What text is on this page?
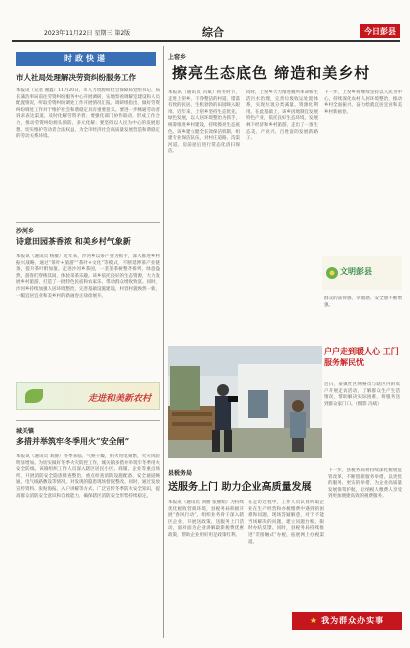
2023年11月22日 星期三 第2版	综合	今日彭县
时政快递
市人社局处理解决劳资纠纷服务工作
本报讯（记者 谢鑫）11月20日，市人力资源和社会保障局党组书记、局长蒲浩率局前往劳资纠纷服务中心开展调研，实地察看调解室建设和人员配置情况，听取劳资纠纷调处工作开展情况汇报。调研组指出，做好劳资纠纷调处工作对于维护社会和谐稳定具有重要意义。要进一步畅通劳动者诉求表达渠道，及时化解劳资矛盾；要强化部门协作联动，形成工作合力，推动劳资纠纷源头预防、多元化解；要坚持以人民为中心的发展思想，切实维护劳动者合法权益，为全市经济社会高质量发展营造和谐稳定的劳动关系环境。
沙河乡
诗意田园茶香浓 和美乡村气象新
本报讯（通讯员 杨敏）近年来，沙河乡以茶产业为抓手，深入推进乡村振兴战略，通过“茶叶+旅游”“茶叶+文化”等模式，不断延伸茶产业链条，提升茶叶附加值。走进沙河乡茶园，一垄垄茶树整齐排列，绿意盎然，游客们穿梭其间，体验采茶乐趣。该乡依托良好的生态资源，大力发展乡村旅游，打造了一批特色民宿和农家乐，带动群众增收致富。同时，沙河乡持续加强人居环境整治，完善基础设施建设，村容村貌焕然一新，一幅宜居宜业和美乡村的新画卷正徐徐展开。
走进和美新农村
城关镇
多措并举筑牢冬季用火“安全闸”
本报讯（通讯员 刘静）冬季来临，气候干燥，用火用电频繁，火灾风险明显增加。为切实做好冬季火灾防控工作，城关镇多措并举筑牢冬季用火安全防线。该镇组织工作人员深入辖区居民小区、商铺、企业等重点场所，开展消防安全隐患排查整治，重点检查消防设施配备、安全通道畅通、电气线路敷设等情况，对发现的隐患现场督促整改。同时，通过发放宣传资料、张贴海报、入户讲解等方式，广泛宣传冬季防火安全知识，提高群众消防安全意识和自救能力，确保辖区消防安全形势持续稳定。
上窑乡
擦亮生态底色 缔造和美乡村
本报讯（通讯员 冯斌）初冬时节，走进上窑乡，干净整洁的村道、错落有致的民居、生机勃勃的田园映入眼帘。近年来，上窑乡坚持生态优先、绿色发展，以人居环境整治为抓手，统筹推进乡村建设，持续擦亮生态底色。该乡建立健全长效保洁机制，组建专业保洁队伍，对村庄道路、沟渠河道、房前屋后进行常态化清扫保洁。
同时，上窑乡大力推进厕所革命和生活污水治理，完善垃圾收运处置体系，实现垃圾分类减量、资源化利用。在此基础上，该乡因地制宜发展特色产业，依托良好生态环境，发展林下经济和乡村旅游，走出了一条生态美、产业兴、百姓富的发展新路子。
下一步，上窑乡将继续坚持以人民为中心，持续深化农村人居环境整治，推动乡村全面振兴，奋力绘就宜居宜业和美乡村新画卷。
文明彭县
群众的获得感、幸福感、安全感不断增强。
户户走到暖人心 工门服务解民忧
近日，某镇社区网格员与辖区内的农户开展走访活动，了解群众生产生活情况，帮助解决实际困难，将服务送到群众家门口。（摄影 冯斌）
县税务局
送服务上门 助力企业高质量发展
本报讯（通讯员 刘丽 张丽娟）为持续优化税收营商环境，县税务局积极开展“春风行动”，组织业务骨干深入辖区企业，开展送政策、送服务上门活动，面对面为企业讲解最新税费优惠政策，帮助企业用好用足政策红利。
在走访过程中，工作人员认真听取企业在生产经营和办税缴费中遇到的困难和问题，现场答疑解惑，对于不能当场解决的问题，建立问题台账，限时办结反馈。同时，县税务局持续推进“非接触式”办税，拓展网上办税渠道。
下一步，县税务局将持续深化税收征管改革，不断创新服务举措，以更优的服务、更实的举措，为企业高质量发展保驾护航，让纳税人缴费人享受到更加便捷高效的税费服务。
★ 我为群众办实事
